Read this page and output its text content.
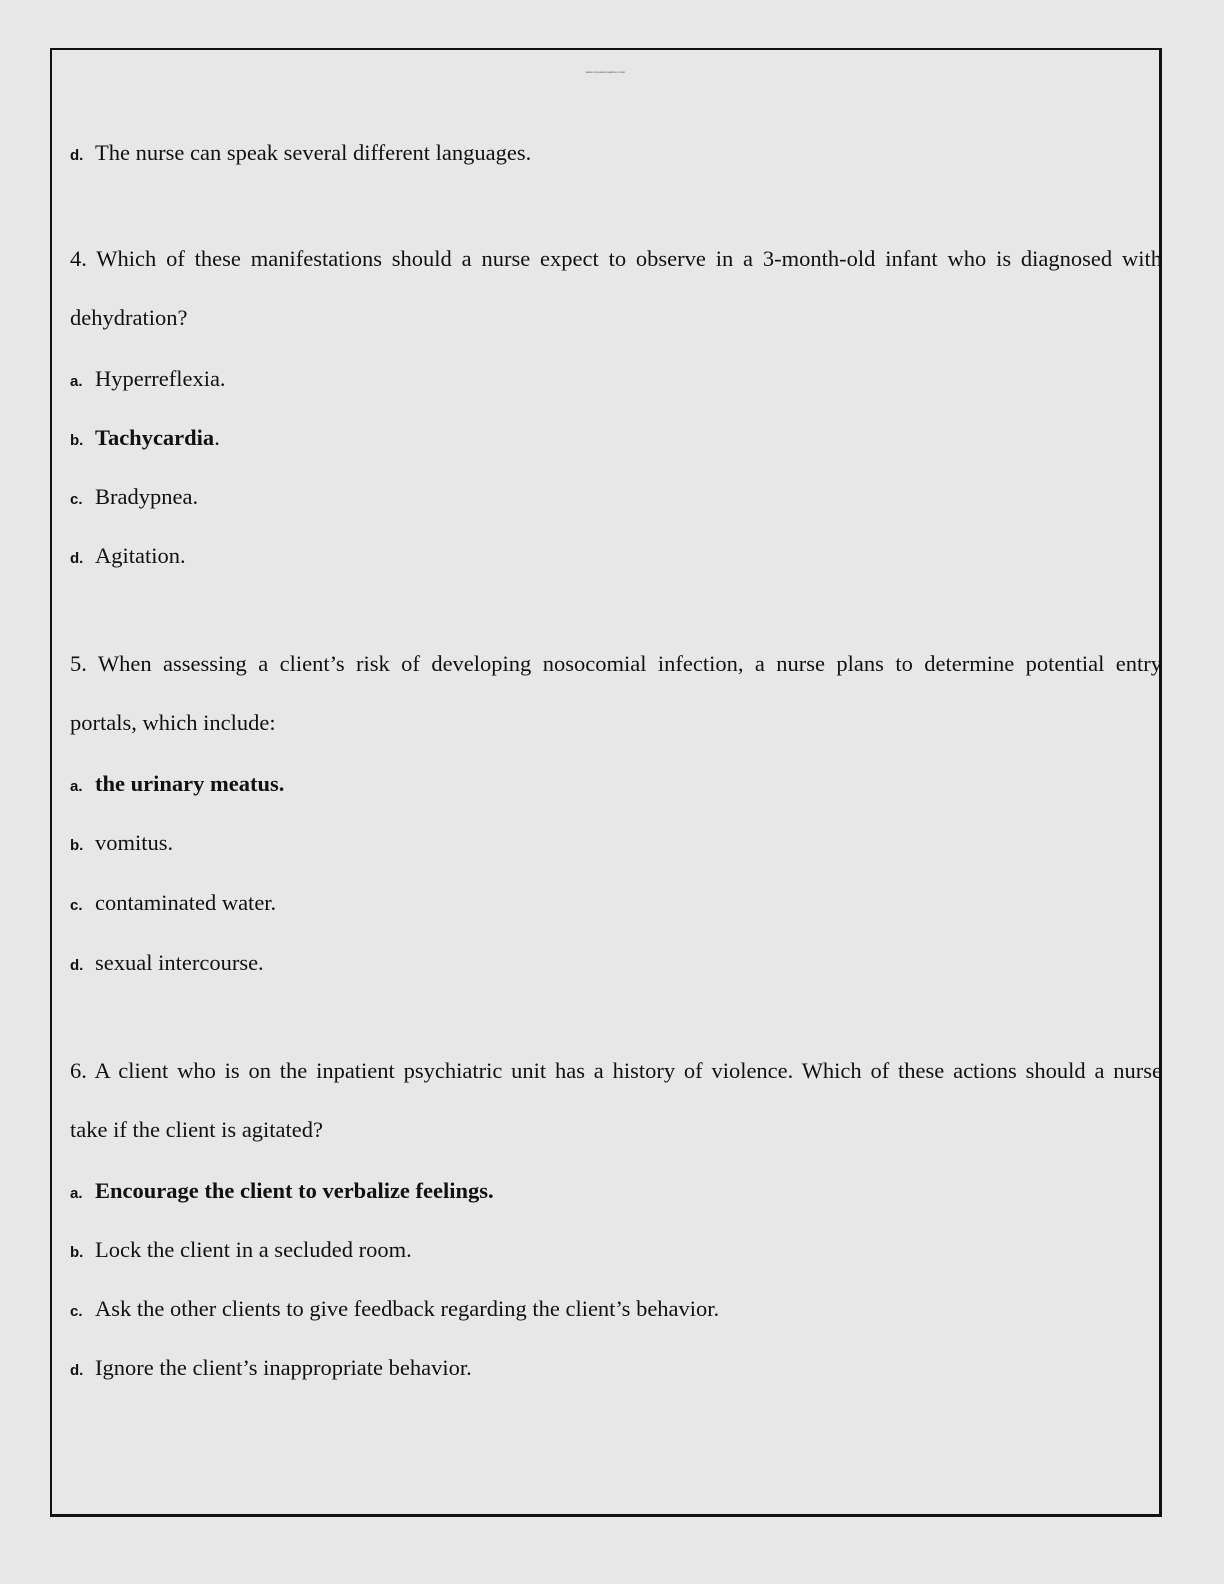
www.myexamsolution.com
d. The nurse can speak several different languages.
4. Which of these manifestations should a nurse expect to observe in a 3-month-old infant who is diagnosed with
dehydration?
a. Hyperreflexia.
b. Tachycardia.
c. Bradypnea.
d. Agitation.
5. When assessing a client’s risk of developing nosocomial infection, a nurse plans to determine potential entry
portals, which include:
a. the urinary meatus.
b. vomitus.
c. contaminated water.
d. sexual intercourse.
6. A client who is on the inpatient psychiatric unit has a history of violence. Which of these actions should a nurse
take if the client is agitated?
a. Encourage the client to verbalize feelings.
b. Lock the client in a secluded room.
c. Ask the other clients to give feedback regarding the client’s behavior.
d. Ignore the client’s inappropriate behavior.
